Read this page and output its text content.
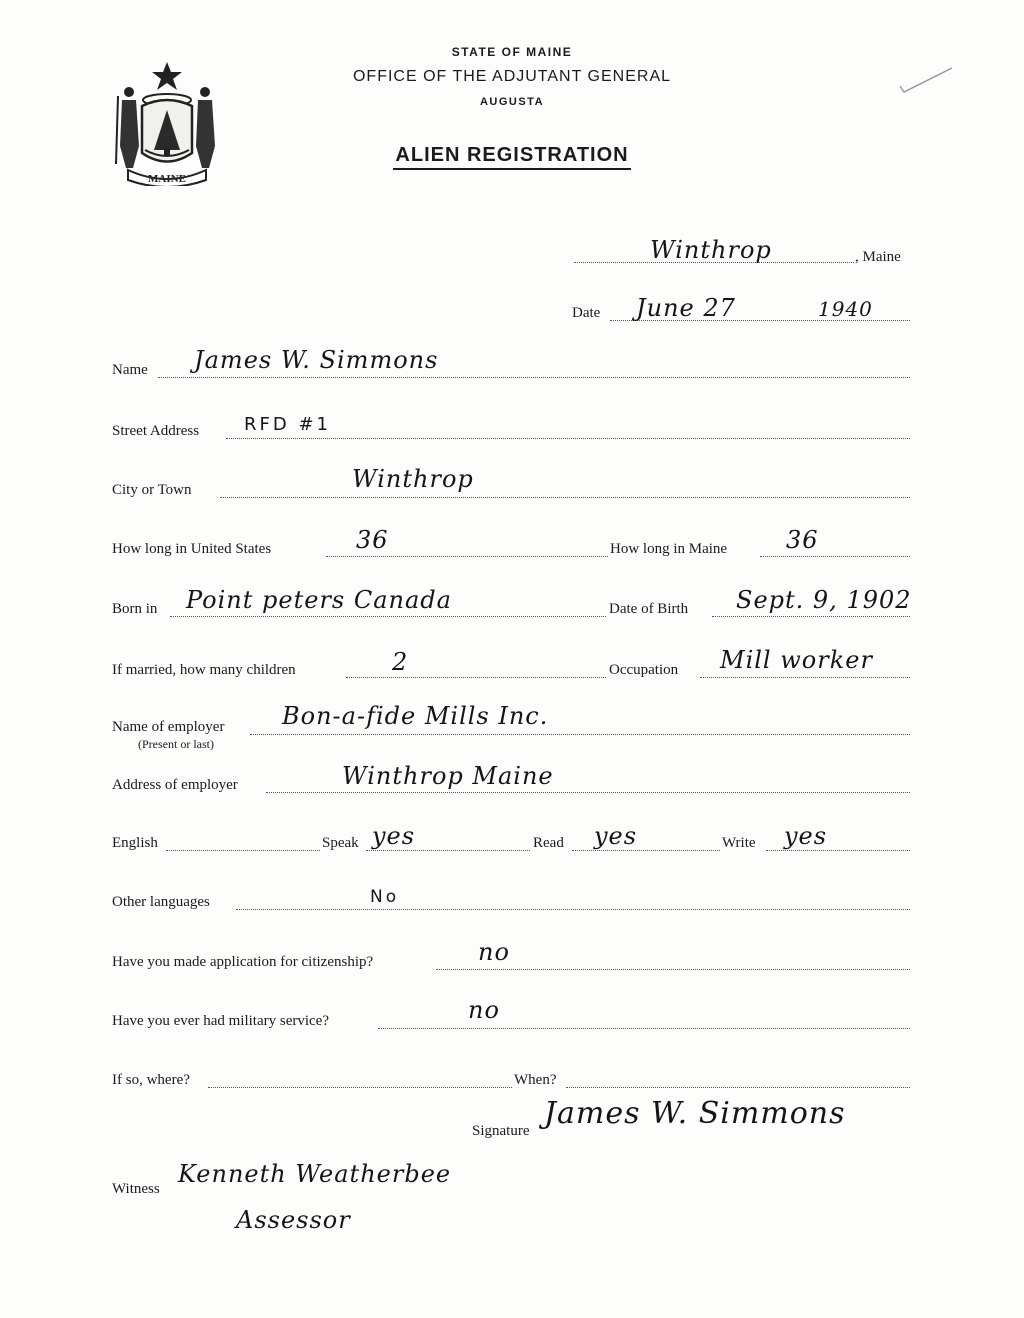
MAINE
STATE OF MAINE
OFFICE OF THE ADJUTANT GENERAL
AUGUSTA
ALIEN REGISTRATION
Winthrop	, Maine
Date June 27	1940
Name James W. Simmons
Street Address RFD #1
City or Town	Winthrop
How long in United States	36	How long in Maine 36
Born in Point peters Canada	Date of Birth Sept. 9, 1902
If married, how many children	2	Occupation Mill worker
Name of employer
(Present or last)
Bon-a-fide Mills Inc.
Address of employer	Winthrop Maine
English	Speak yes	Read yes	Write yes
Other languages	No
Have you made application for citizenship?	no
Have you ever had military service?	no
If so, where?	When?
Signature James W. Simmons
Witness
Kenneth Weatherbee
Assessor
